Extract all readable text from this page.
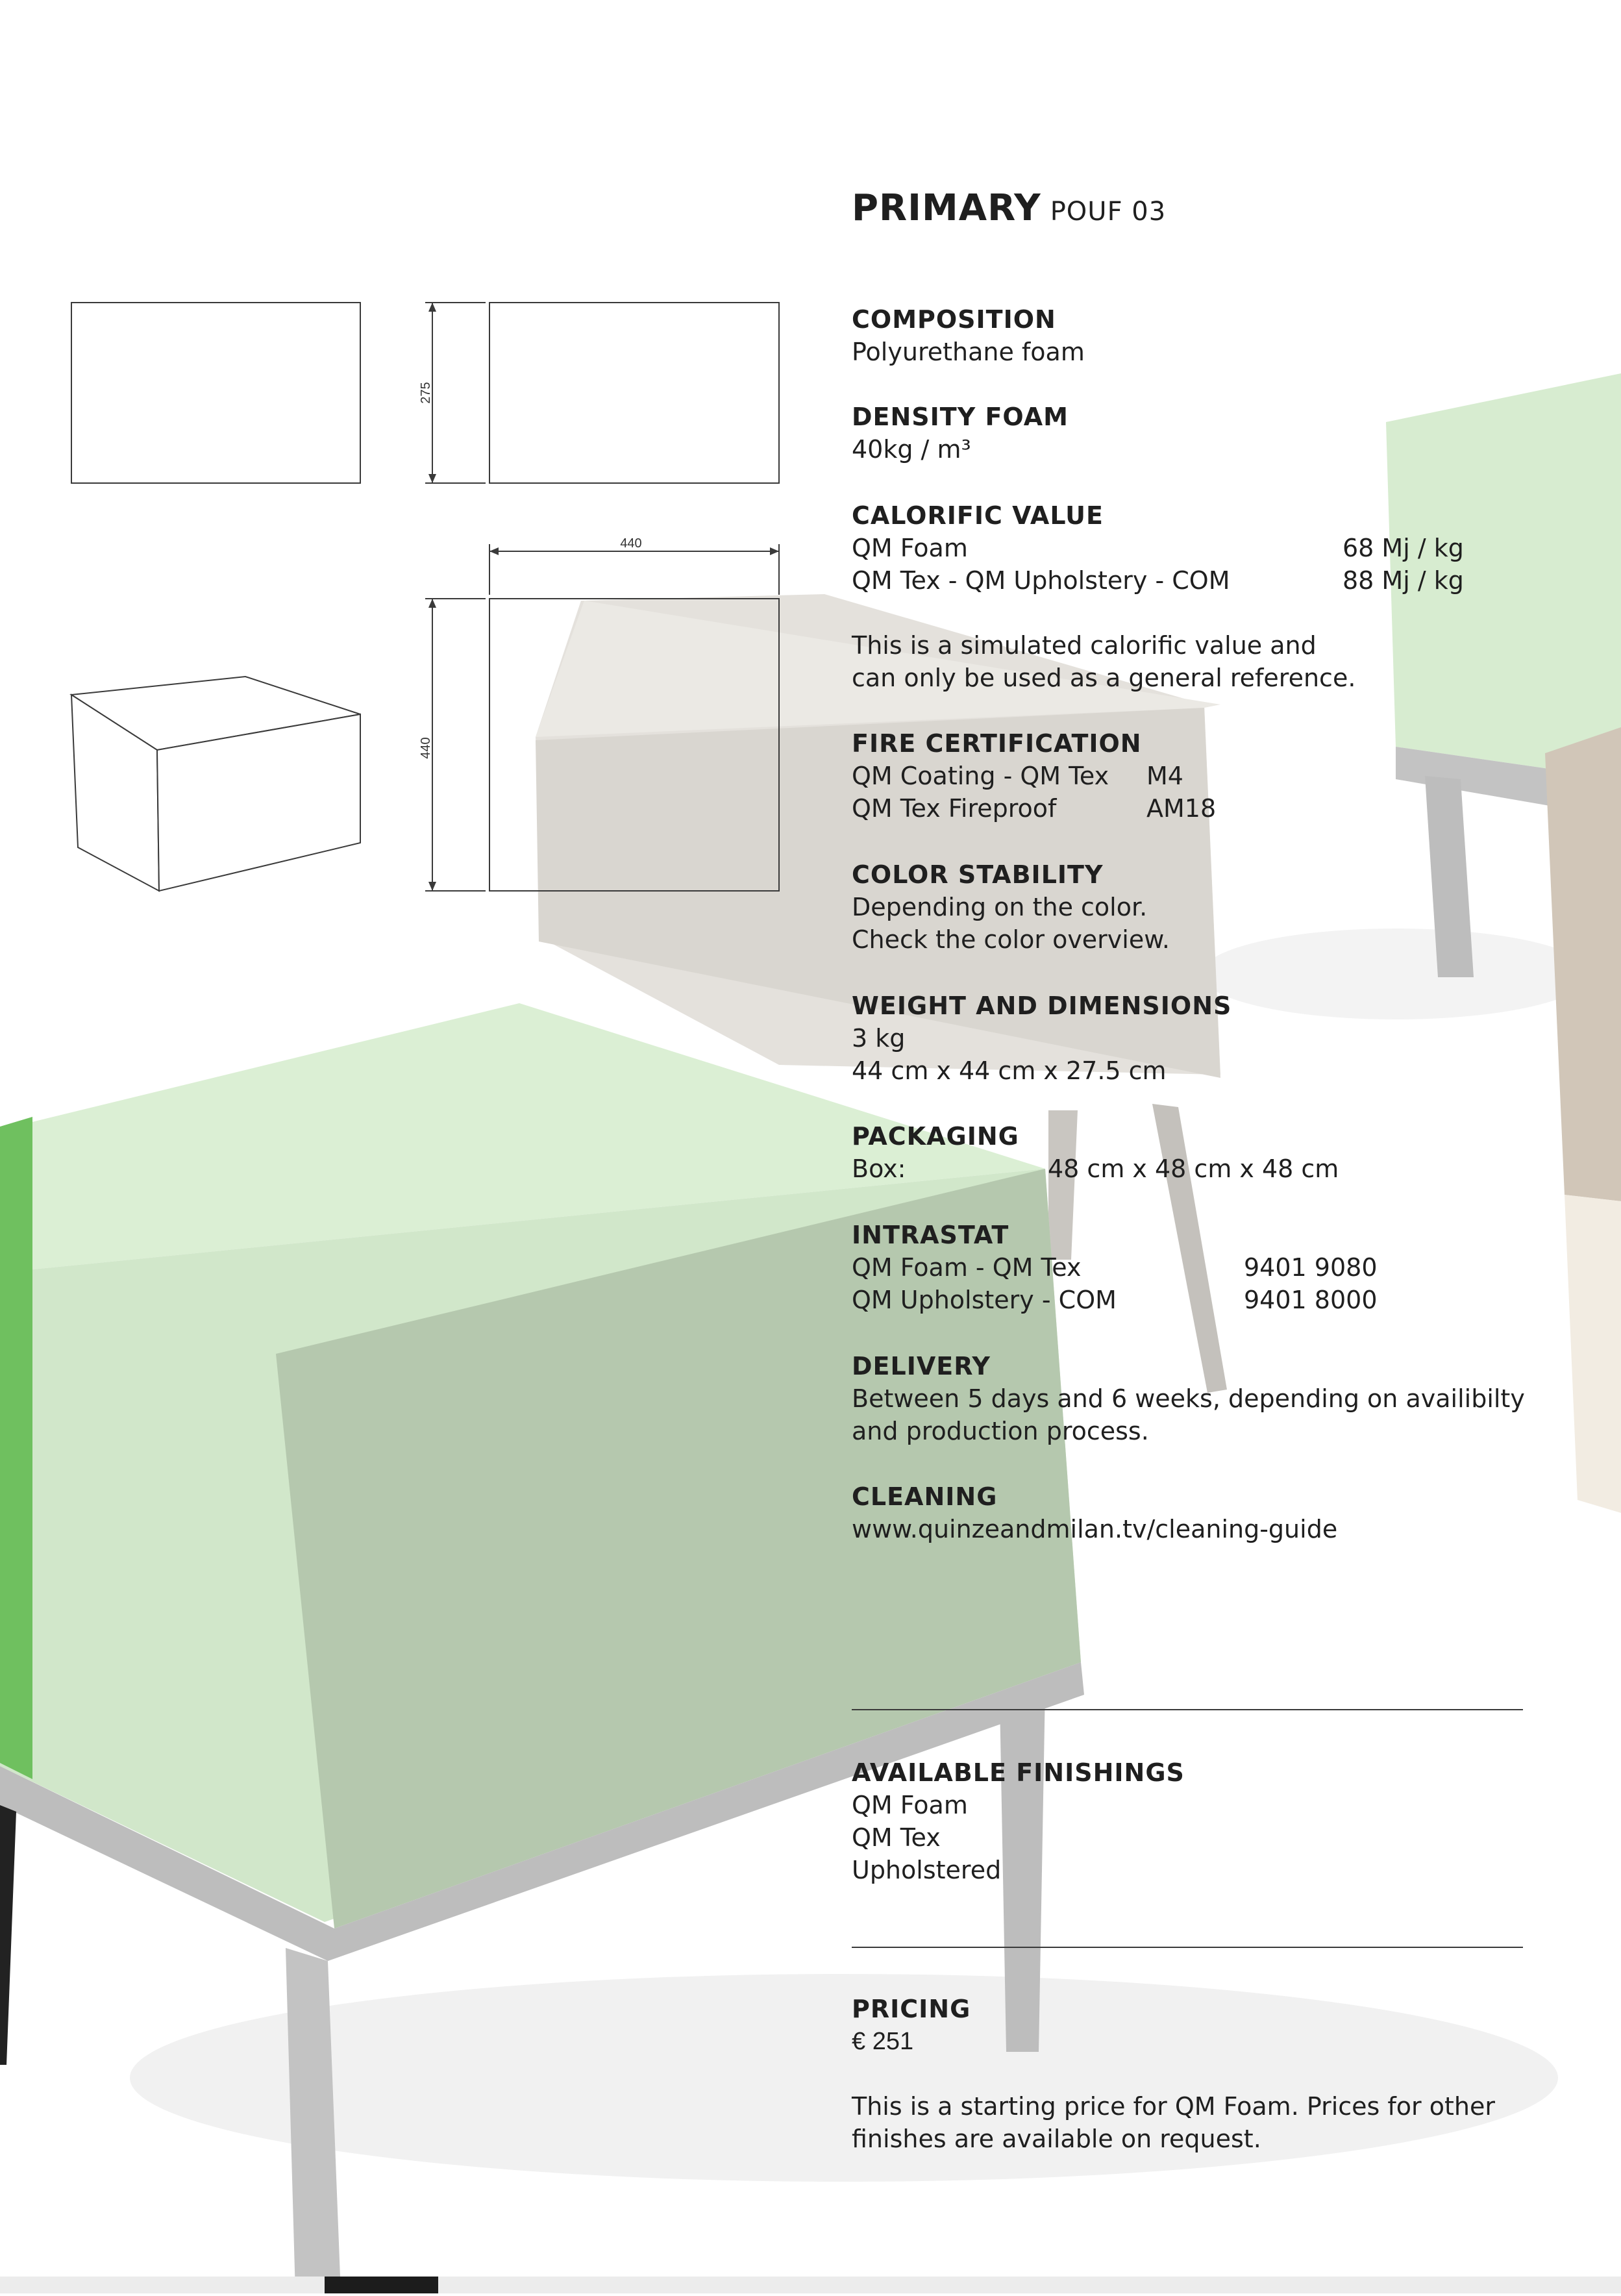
275
440
440
PRIMARY POUF 03
COMPOSITION
Polyurethane foam
DENSITY FOAM
40kg / m³
CALORIFIC VALUE
QM Foam	68 Mj / kg
QM Tex - QM Upholstery - COM	88 Mj / kg
This is a simulated calorific value and
can only be used as a general reference.
FIRE CERTIFICATION
QM Coating - QM Tex M4
QM Tex Fireproof	AM18
COLOR STABILITY
Depending on the color.
Check the color overview.
WEIGHT AND DIMENSIONS
3 kg
44 cm x 44 cm x 27.5 cm
PACKAGING
Box:	48 cm x 48 cm x 48 cm
INTRASTAT
QM Foam - QM Tex	9401 9080
QM Upholstery - COM	9401 8000
DELIVERY
Between 5 days and 6 weeks, depending on availibilty
and production process.
CLEANING
www.quinzeandmilan.tv/cleaning-guide
AVAILABLE FINISHINGS
QM Foam
QM Tex
Upholstered
PRICING
€ 251
This is a starting price for QM Foam. Prices for other
finishes are available on request.
